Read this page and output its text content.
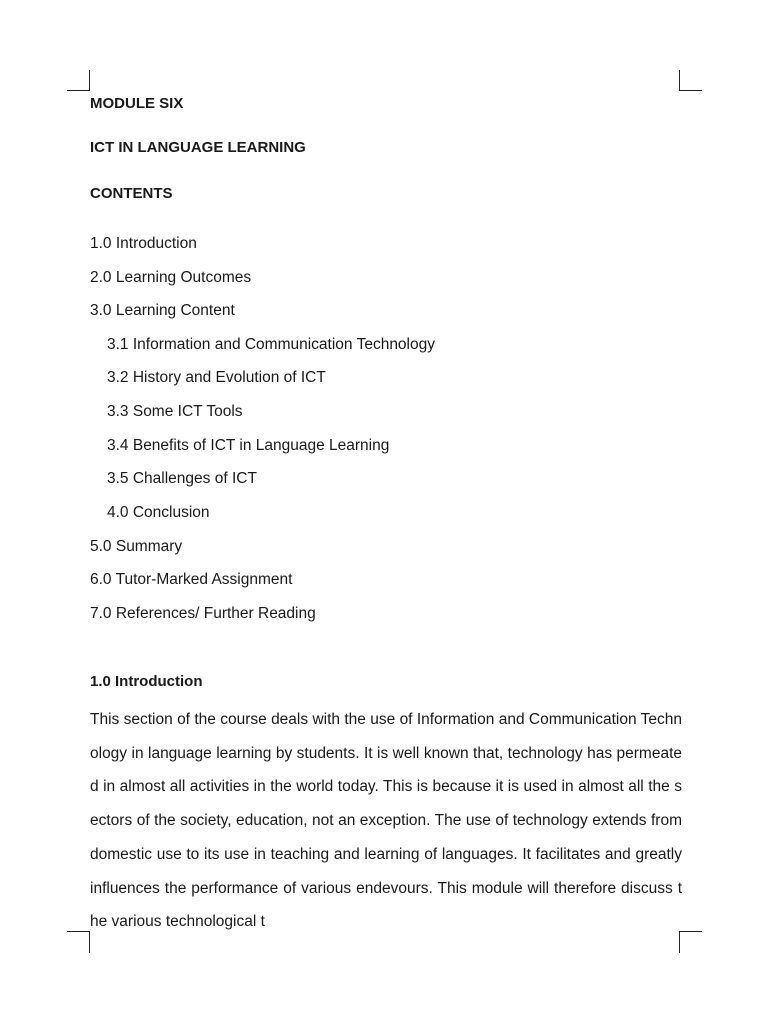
MODULE SIX
ICT IN LANGUAGE LEARNING
CONTENTS
1.0 Introduction
2.0 Learning Outcomes
3.0 Learning Content
3.1 Information and Communication Technology
3.2 History and Evolution of ICT
3.3 Some ICT Tools
3.4 Benefits of ICT in Language Learning
3.5 Challenges of ICT
4.0 Conclusion
5.0 Summary
6.0 Tutor-Marked Assignment
7.0 References/ Further Reading
1.0 Introduction
This section of the course deals with the use of Information and Communication Technology in language learning by students. It is well known that, technology has permeated in almost all activities in the world today. This is because it is used in almost all the sectors of the society, education, not an exception. The use of technology extends from domestic use to its use in teaching and learning of languages. It facilitates and greatly influences the performance of various endevours. This module will therefore discuss the various technological t
